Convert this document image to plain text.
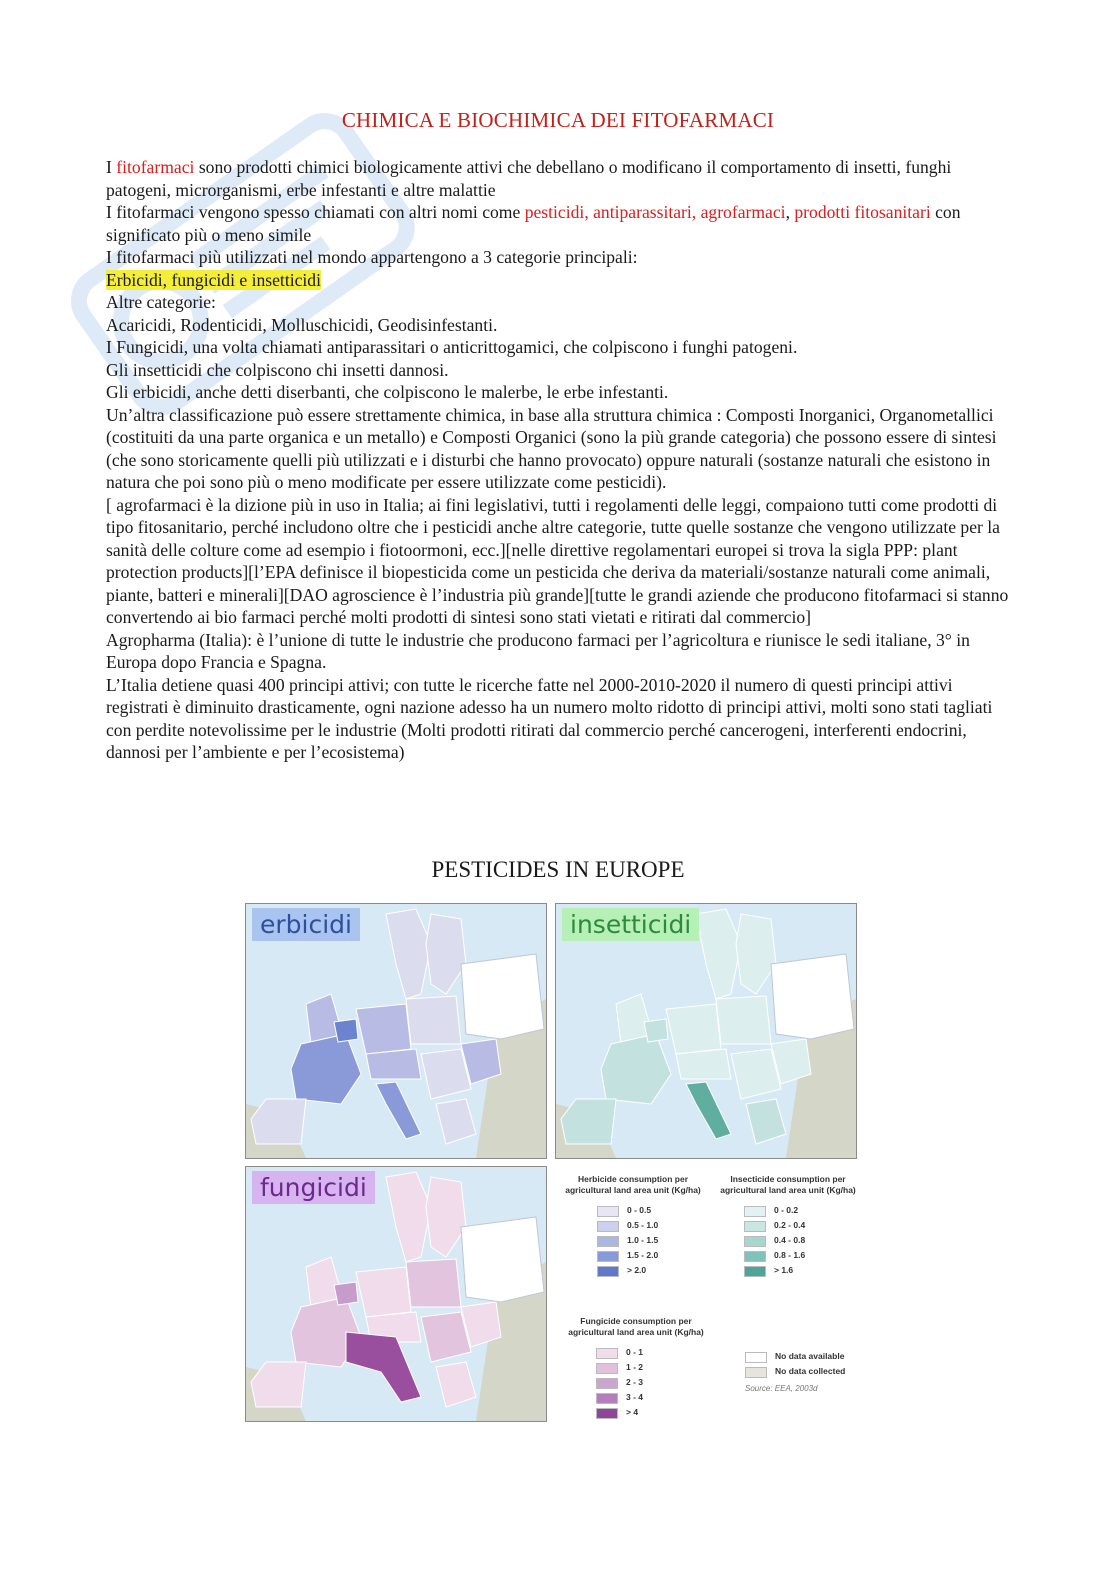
CHIMICA E BIOCHIMICA DEI FITOFARMACI

I fitofarmaci sono prodotti chimici biologicamente attivi che debellano o modificano il comportamento di insetti, funghi patogeni, microrganismi, erbe infestanti e altre malattie

I fitofarmaci vengono spesso chiamati con altri nomi come pesticidi, antiparassitari, agrofarmaci, prodotti fitosanitari con significato più o meno simile

I fitofarmaci più utilizzati nel mondo appartengono a 3 categorie principali:

Erbicidi, fungicidi e insetticidi

Altre categorie:

Acaricidi, Rodenticidi, Molluschicidi, Geodisinfestanti.

I Fungicidi, una volta chiamati antiparassitari o anticrittogamici, che colpiscono i funghi patogeni.

Gli insetticidi che colpiscono chi insetti dannosi.

Gli erbicidi, anche detti diserbanti, che colpiscono le malerbe, le erbe infestanti.

Un’altra classificazione può essere strettamente chimica, in base alla struttura chimica : Composti Inorganici, Organometallici (costituiti da una parte organica e un metallo) e Composti Organici (sono la più grande categoria) che possono essere di sintesi (che sono storicamente quelli più utilizzati e i disturbi che hanno provocato) oppure naturali (sostanze naturali che esistono in natura che poi sono più o meno modificate per essere utilizzate come pesticidi).

[ agrofarmaci è la dizione più in uso in Italia; ai fini legislativi, tutti i regolamenti delle leggi, compaiono tutti come prodotti di tipo fitosanitario, perché includono oltre che i pesticidi anche altre categorie, tutte quelle sostanze che vengono utilizzate per la sanità delle colture come ad esempio i fiotoormoni, ecc.][nelle direttive regolamentari europei si trova la sigla PPP: plant protection products][l’EPA definisce il biopesticida come un pesticida che deriva da materiali/sostanze naturali come animali, piante, batteri e minerali][DAO agroscience è l’industria più grande][tutte le grandi aziende che producono fitofarmaci si stanno convertendo ai bio farmaci perché molti prodotti di sintesi sono stati vietati e ritirati dal commercio]

Agropharma (Italia): è l’unione di tutte le industrie che producono farmaci per l’agricoltura e riunisce le sedi italiane, 3° in Europa dopo Francia e Spagna.

L’Italia detiene quasi 400 principi attivi; con tutte le ricerche fatte nel 2000-2010-2020 il numero di questi principi attivi registrati è diminuito drasticamente, ogni nazione adesso ha un numero molto ridotto di principi attivi, molti sono stati tagliati con perdite notevolissime per le industrie (Molti prodotti ritirati dal commercio perché cancerogeni, interferenti endocrini, dannosi per l’ambiente e per l’ecosistema)

PESTICIDES IN EUROPE
erbicidi	insetticidi
fungicidi	Herbicide consumption per agricultural land area unit (Kg/ha)
0 - 0.5
0.5 - 1.0
1.0 - 1.5
1.5 - 2.0
> 2.0
Insecticide consumption per agricultural land area unit (Kg/ha)
0 - 0.2
0.2 - 0.4
0.4 - 0.8
0.8 - 1.6
> 1.6
Fungicide consumption per agricultural land area unit (Kg/ha)
0 - 1
1 - 2
2 - 3
3 - 4
> 4
No data available
No data collected
Source: EEA, 2003d
